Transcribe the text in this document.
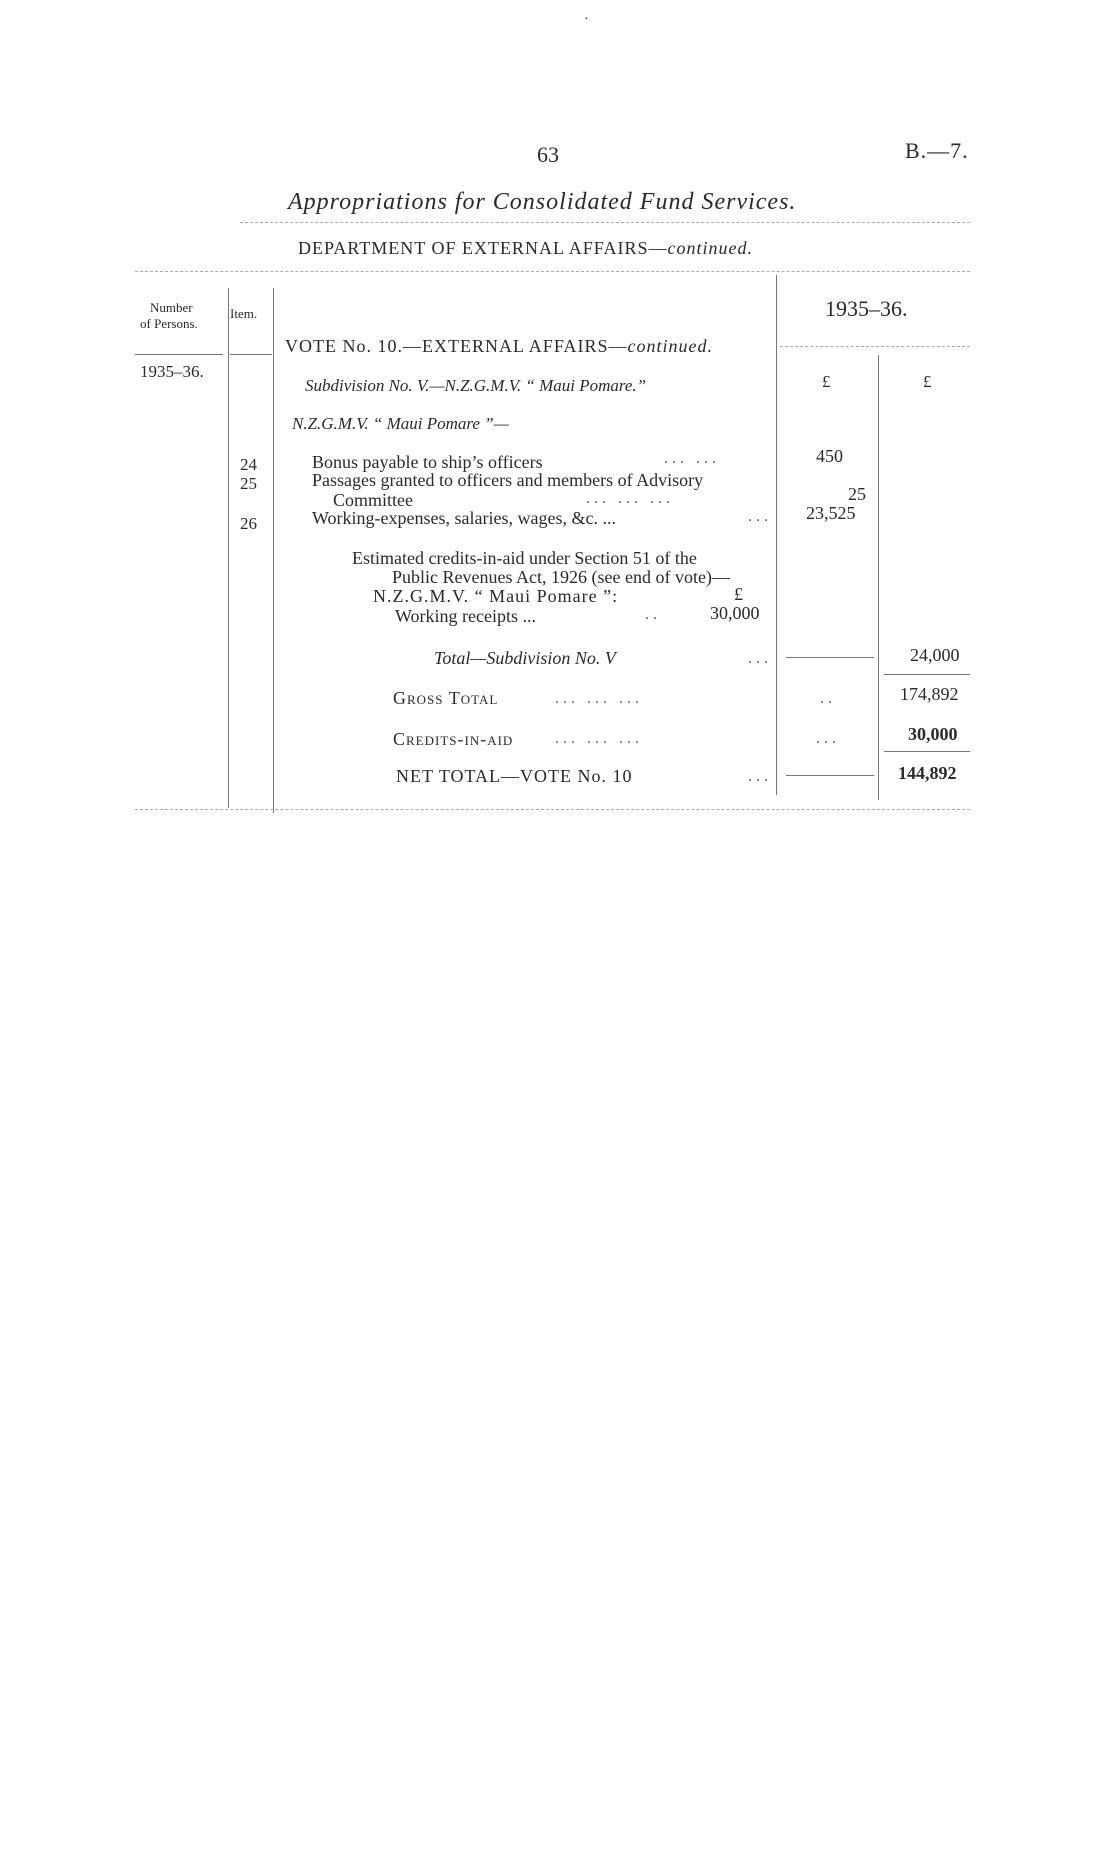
·
63	B.—7.
Appropriations for Consolidated Fund Services.
DEPARTMENT OF EXTERNAL AFFAIRS—continued.
Number
of Persons.
Item.	1935–36.
VOTE No. 10.—EXTERNAL AFFAIRS—continued.
1935–36.
Subdivision No. V.—N.Z.G.M.V. “ Maui Pomare.”	£	£
N.Z.G.M.V. “ Maui Pomare ”—
24	Bonus payable to ship’s officers	... ...	450
25	Passages granted to officers and members of Advisory
Committee	... ... ...	25
26	Working-expenses, salaries, wages, &c. ...	... 23,525
Estimated credits-in-aid under Section 51 of the
Public Revenues Act, 1926 (see end of vote)—
N.Z.G.M.V. “ Maui Pomare ”:	£
Working receipts ...	..	30,000
Total—Subdivision No. V	...	24,000
Gross Total	... ... ...	..	174,892
Credits-in-aid	... ... ...	...	30,000
NET TOTAL—VOTE No. 10	...	144,892
